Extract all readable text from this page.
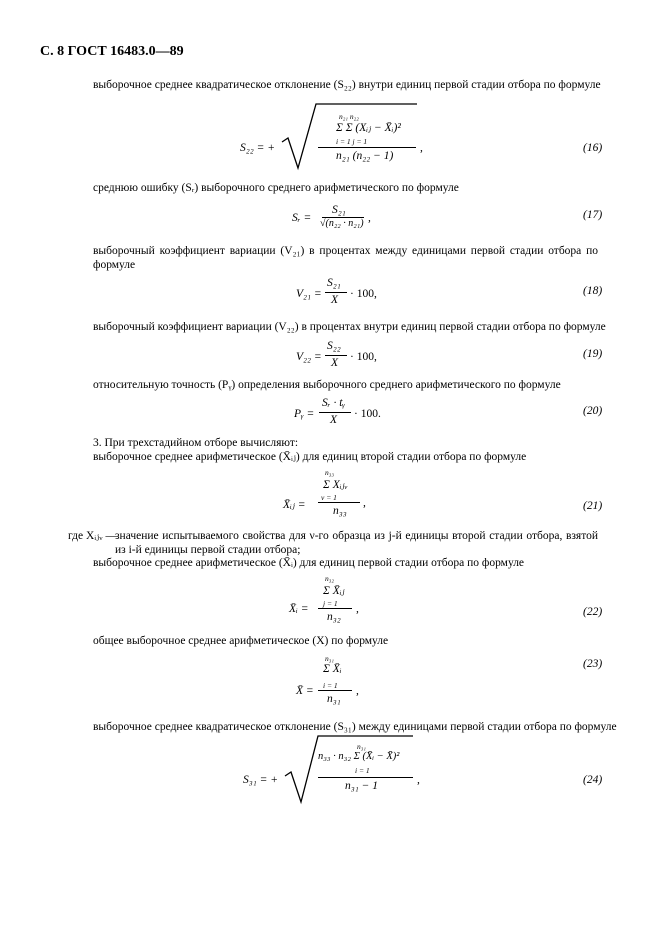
С. 8 ГОСТ 16483.0—89
выборочное среднее квадратическое отклонение (S₂₂) внутри единиц первой стадии отбора по формуле
S₂₂ = +
n₂₁ n₂₂
Σ Σ (Xᵢⱼ − X̄ᵢ)²
i = 1 j = 1
n₂₁ (n₂₂ − 1)
,	(16)
среднюю ошибку (Sᵣ) выборочного среднего арифметического по формуле
Sᵣ =
S₂₁
√(n₂₂ · n₂₁) ,	(17)
выборочный коэффициент вариации (V₂₁) в процентах между единицами первой стадии отбора по формуле
V₂₁ =
S₂₁
X · 100,	(18)
выборочный коэффициент вариации (V₂₂) в процентах внутри единиц первой стадии отбора по формуле
V₂₂ =
S₂₂
X · 100,	(19)
относительную точность (Pᵧ) определения выборочного среднего арифметического по формуле
Pᵧ =
Sᵣ · tᵧ
X · 100.	(20)
3. При трехстадийном отборе вычисляют:
выборочное среднее арифметическое (X̄ᵢⱼ) для единиц второй стадии отбора по формуле
n₃₃
Σ Xᵢⱼᵥ
ν = 1
X̄ᵢⱼ = n₃₃
,	(21)
где Xᵢⱼᵥ —
значение испытываемого свойства для ν-го образца из j-й единицы второй стадии отбора, взятой из i-й единицы первой стадии отбора;
выборочное среднее арифметическое (X̄ᵢ) для единиц первой стадии отбора по формуле
n₃₂
Σ X̄ᵢⱼ
j = 1
X̄ᵢ =
n₃₂
,	(22)
общее выборочное среднее арифметическое (X) по формуле
n₃₁
Σ X̄ᵢ
i = 1
X̄ =
n₃₁
,
(23)
выборочное среднее квадратическое отклонение (S₃₁) между единицами первой стадии отбора по формуле
S₃₁ = +
n₃₁
n₃₃ · n₃₂ Σ (X̄ᵢ − X̄)²
i = 1
n₃₁ − 1	,	(24)
